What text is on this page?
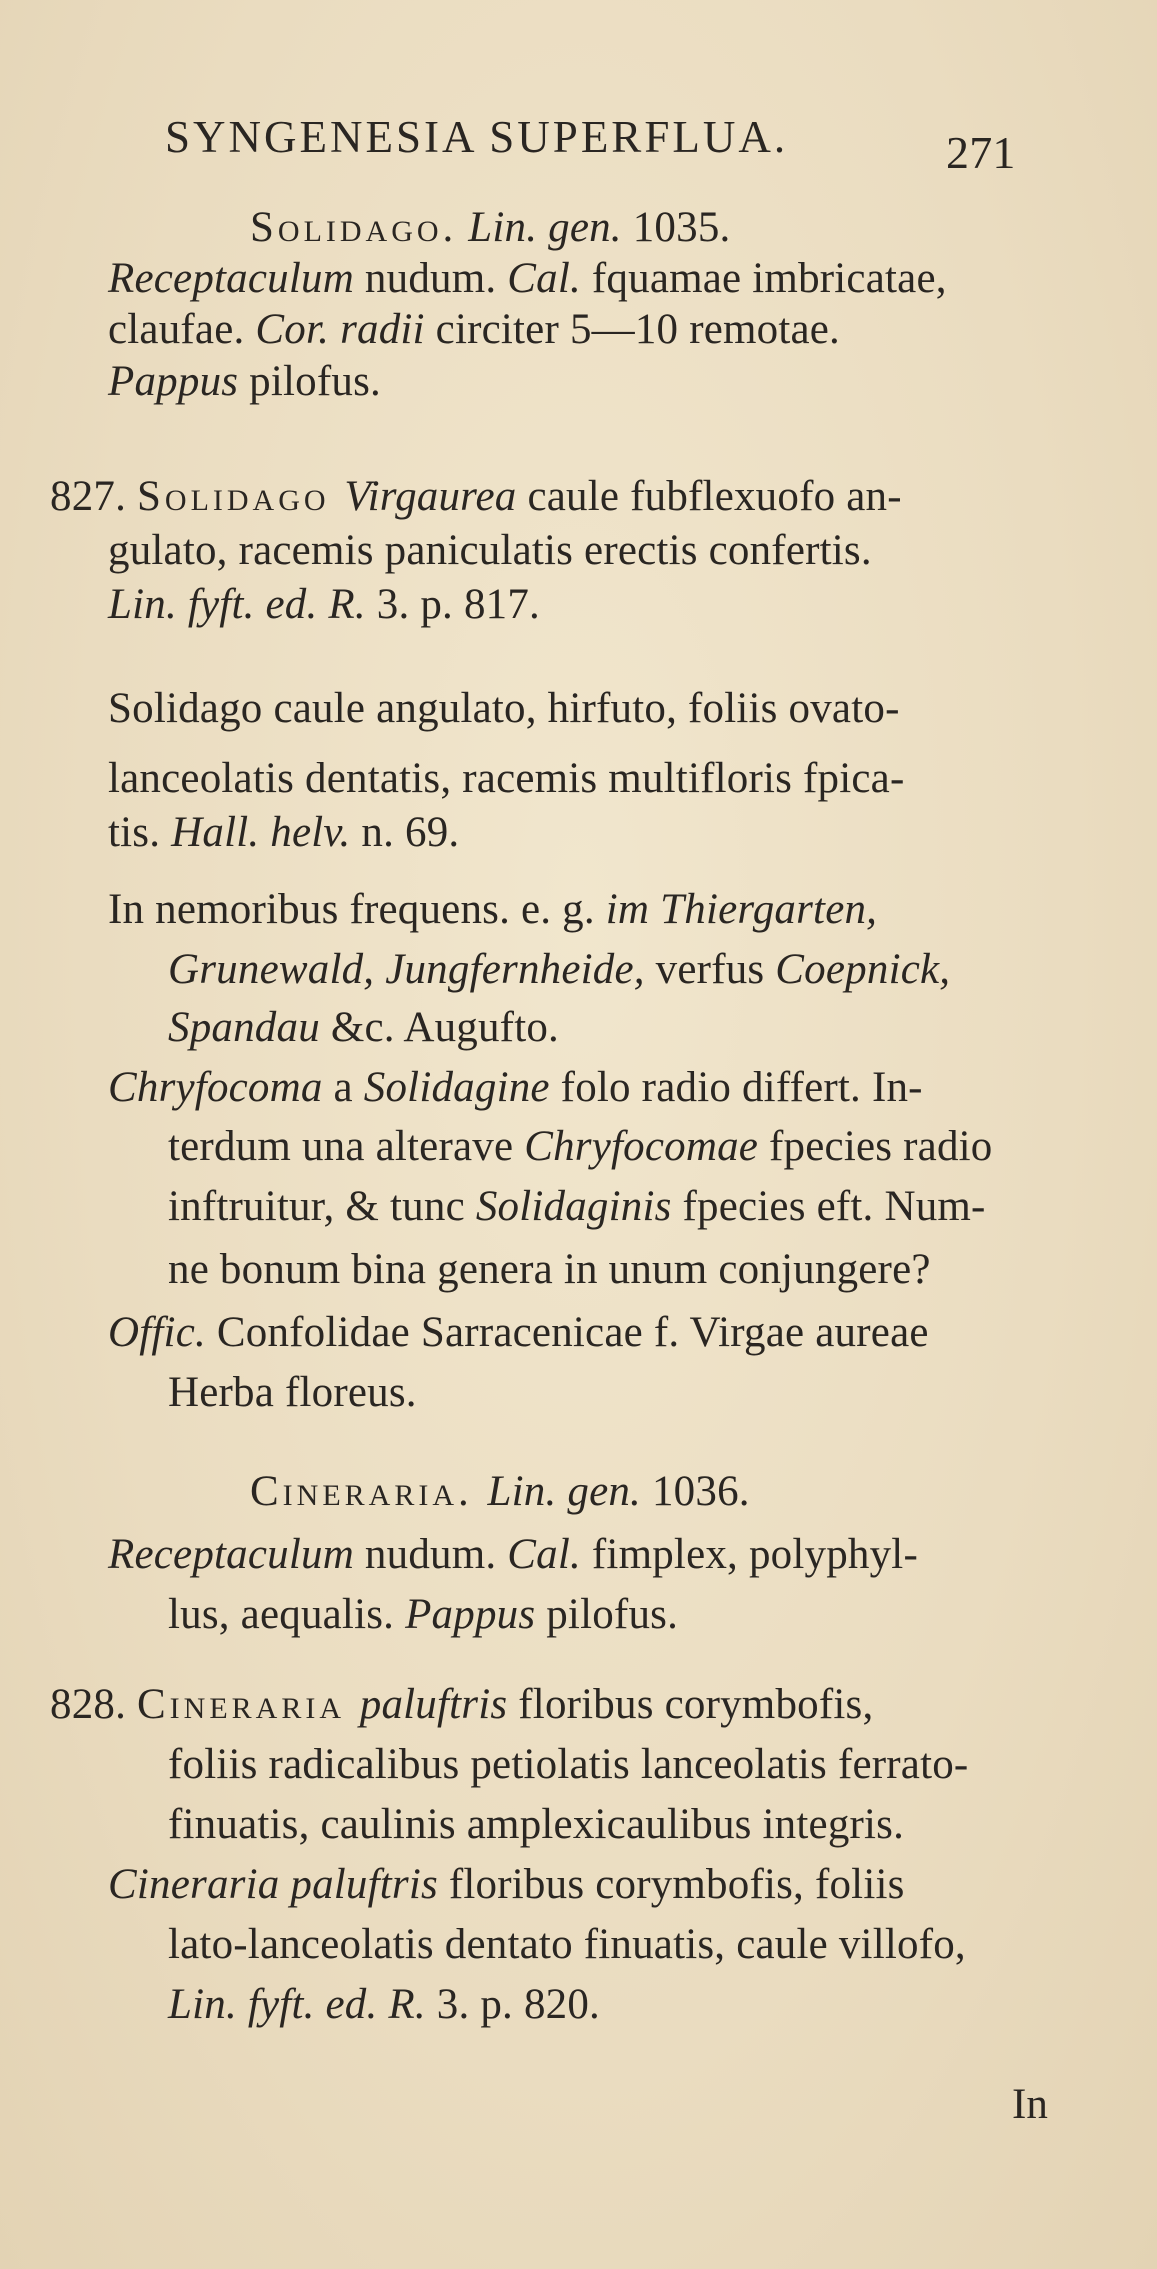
SYNGENESIA SUPERFLUA.	271
Solidago. Lin. gen. 1035.
Receptaculum nudum. Cal. fquamae imbricatae,
claufae. Cor. radii circiter 5—10 remotae.
Pappus pilofus.
827. Solidago Virgaurea caule fubflexuofo an-
gulato, racemis paniculatis erectis confertis.
Lin. fyft. ed. R. 3. p. 817.
Solidago caule angulato, hirfuto, foliis ovato-
lanceolatis dentatis, racemis multifloris fpica-
tis. Hall. helv. n. 69.
In nemoribus frequens. e. g. im Thiergarten,
Grunewald, Jungfernheide, verfus Coepnick,
Spandau &c. Augufto.
Chryfocoma a Solidagine folo radio differt. In-
terdum una alterave Chryfocomae fpecies radio
inftruitur, & tunc Solidaginis fpecies eft. Num-
ne bonum bina genera in unum conjungere?
Offic. Confolidae Sarracenicae f. Virgae aureae
Herba floreus.
Cineraria. Lin. gen. 1036.
Receptaculum nudum. Cal. fimplex, polyphyl-
lus, aequalis. Pappus pilofus.
828. Cineraria paluftris floribus corymbofis,
foliis radicalibus petiolatis lanceolatis ferrato-
finuatis, caulinis amplexicaulibus integris.
Cineraria paluftris floribus corymbofis, foliis
lato-lanceolatis dentato finuatis, caule villofo,
Lin. fyft. ed. R. 3. p. 820.
In
